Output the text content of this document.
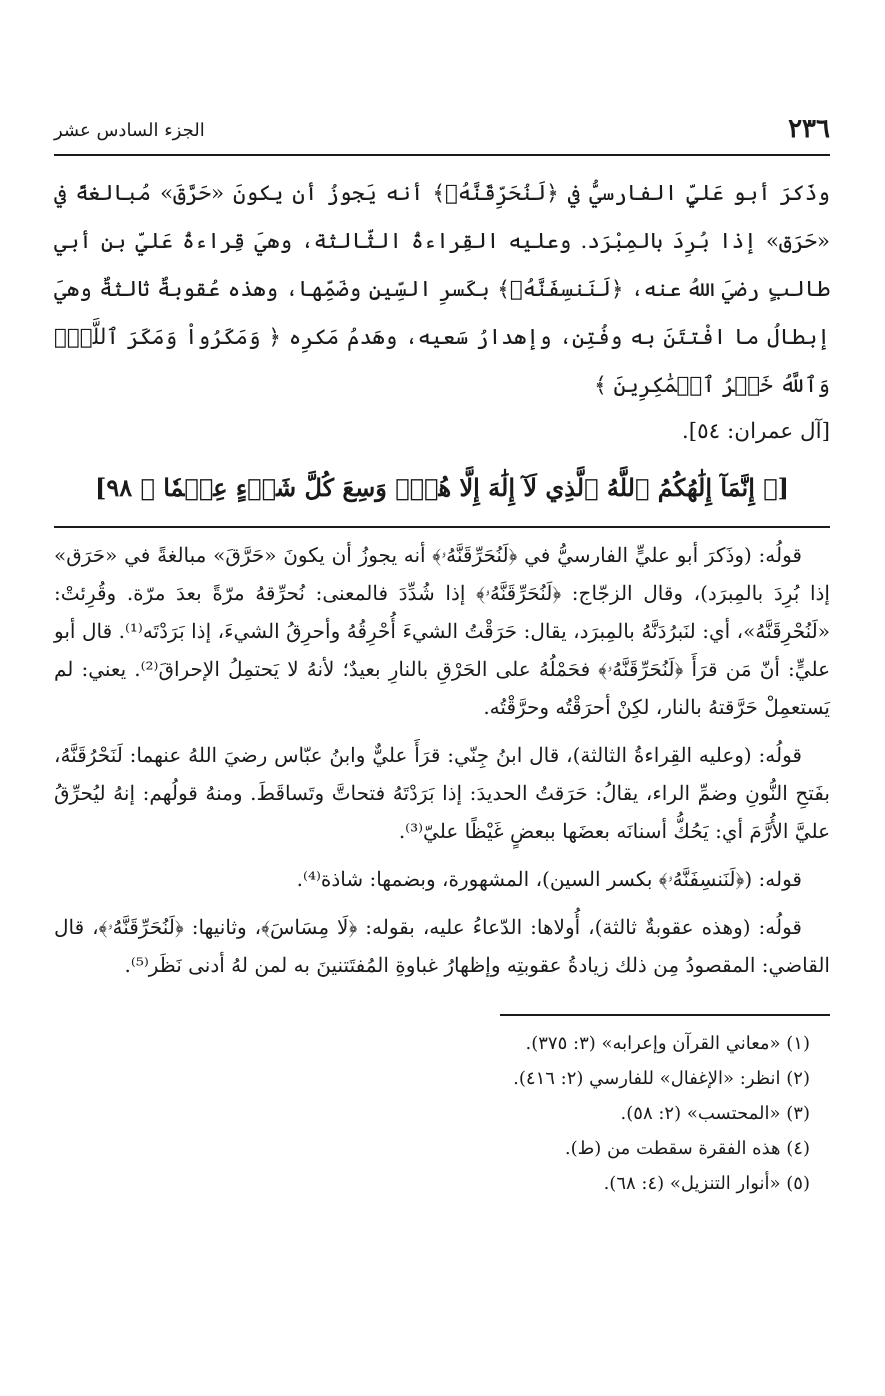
٢٣٦
الجزء السادس عشر
وذَكرَ أبو عَليٍّ الفارسيُّ في ﴿لَنُحَرِّقَنَّهُۥ﴾ أنه يَجوزُ أن يكونَ «حَرَّقَ» مُبالغةً في «حَرَق» إذا بُرِدَ بالمِبْرَد. وعليه القِراءةُ الثّالثة، وهيَ قِراءةُ عَليِّ بنِ أبي طالبٍ رضيَ اللهُ عنه، ﴿لَنَنسِفَنَّهُۥ﴾ بكَسرِ السِّينِ وضَمِّها، وهذه عُقوبةٌ ثالثةٌ وهيَ إبطالُ ما افْتتَنَ به وفُتِن، وإهدارُ سَعيه، وهَدمُ مَكرِه ﴿ وَمَكَرُواْ وَمَكَرَ ٱللَّهُۖ وَٱللَّهُ خَيۡرُ ٱلۡمَٰكِرِينَ ﴾
[آل عمران: ٥٤].
[﴿ إِنَّمَآ إِلَٰهُكُمُ ٱللَّهُ ٱلَّذِي لَآ إِلَٰهَ إِلَّا هُوَۚ وَسِعَ كُلَّ شَيۡءٍ عِلۡمٗا ﴾ ٩٨]

قولُه: (وذَكرَ أبو عليٍّ الفارسيُّ في ﴿لَنُحَرِّقَنَّهُۥ﴾ أنه يجوزُ أن يكونَ «حَرَّقَ» مبالغةً في «حَرَق» إذا بُرِدَ بالمِبرَد)، وقال الزجّاج: ﴿لَنُحَرِّقَنَّهُۥ﴾ إذا شُدِّدَ فالمعنى: نُحرِّقهُ مرّةً بعدَ مرّة. وقُرِئتْ: «لَنُحْرِقَنَّهُ»، أي: لنَبرُدَنَّهُ بالمِبرَد، يقال: حَرَقْتُ الشيءَ أُحْرِقُهُ وأحرِقُ الشيءَ، إذا بَرَدْتَه⁽¹⁾. قال أبو عليٍّ: أنّ مَن قرَأَ ﴿لَنُحَرِّقَنَّهُۥ﴾ فحَمْلُهُ على الحَرْقِ بالنارِ بعيدٌ؛ لأنهُ لا يَحتمِلُ الإحراقَ⁽²⁾. يعني: لم يَستعمِلْ حَرَّقتهُ بالنار، لكِنْ أحرَقْتُه وحرَّقْتُه.

قولُه: (وعليه القِراءةُ الثالثة)، قال ابنُ جِنّي: قرَأَ عليٌّ وابنُ عبّاس رضيَ اللهُ عنهما: لَنَحْرُقَنَّهُ، بفَتحِ النُّونِ وضمِّ الراء، يقالُ: حَرَقتُ الحديدَ: إذا بَرَدْتَهُ فتحاتَّ وتَساقَطَ. ومنهُ قولُهم: إنهُ ليُحرِّقُ عليَّ الأُرَّمَ أي: يَحُكُّ أسنانَه بعضَها ببعضٍ غَيْظًا عليّ⁽³⁾.

قوله: (﴿لَنَنسِفَنَّهُۥ﴾ بكسر السين)، المشهورة، وبضمها: شاذة⁽⁴⁾.

قولُه: (وهذه عقوبةٌ ثالثة)، أُولاها: الدّعاءُ عليه، بقوله: ﴿لَا مِسَاسَ﴾، وثانيها: ﴿لَنُحَرِّقَنَّهُۥ﴾، قال القاضي: المقصودُ مِن ذلك زيادةُ عقوبتِه وإظهارُ غباوةِ المُفتَتنينَ به لمن لهُ أدنى نَظَر⁽⁵⁾.

(١) «معاني القرآن وإعرابه» (٣: ٣٧٥).
(٢) انظر: «الإغفال» للفارسي (٢: ٤١٦).
(٣) «المحتسب» (٢: ٥٨).
(٤) هذه الفقرة سقطت من (ط).
(٥) «أنوار التنزيل» (٤: ٦٨).
